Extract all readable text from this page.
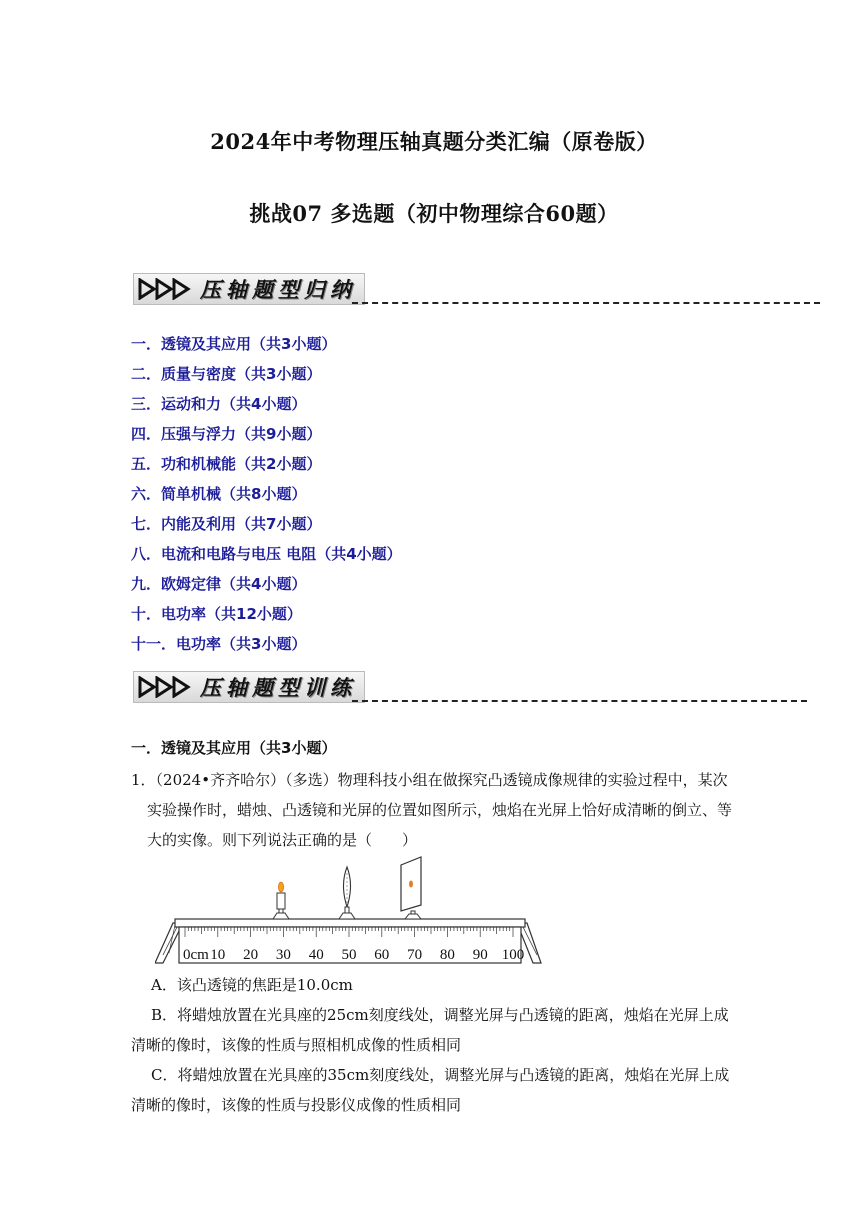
2024年中考物理压轴真题分类汇编（原卷版）
挑战07 多选题（初中物理综合60题）
压轴题型归纳
一．透镜及其应用（共3小题）
二．质量与密度（共3小题）
三．运动和力（共4小题）
四．压强与浮力（共9小题）
五．功和机械能（共2小题）
六．简单机械（共8小题）
七．内能及利用（共7小题）
八．电流和电路与电压 电阻（共4小题）
九．欧姆定律（共4小题）
十．电功率（共12小题）
十一．电功率（共3小题）
压轴题型训练
一．透镜及其应用（共3小题）
1．（2024•齐齐哈尔）（多选）物理科技小组在做探究凸透镜成像规律的实验过程中，某次实验操作时，蜡烛、凸透镜和光屏的位置如图所示，烛焰在光屏上恰好成清晰的倒立、等大的实像。则下列说法正确的是（　　）
0cm 10 20 30 40 50 60 70 80 90 100
A．该凸透镜的焦距是10.0cm
B．将蜡烛放置在光具座的25cm刻度线处，调整光屏与凸透镜的距离，烛焰在光屏上成
清晰的像时，该像的性质与照相机成像的性质相同
C．将蜡烛放置在光具座的35cm刻度线处，调整光屏与凸透镜的距离，烛焰在光屏上成
清晰的像时，该像的性质与投影仪成像的性质相同
